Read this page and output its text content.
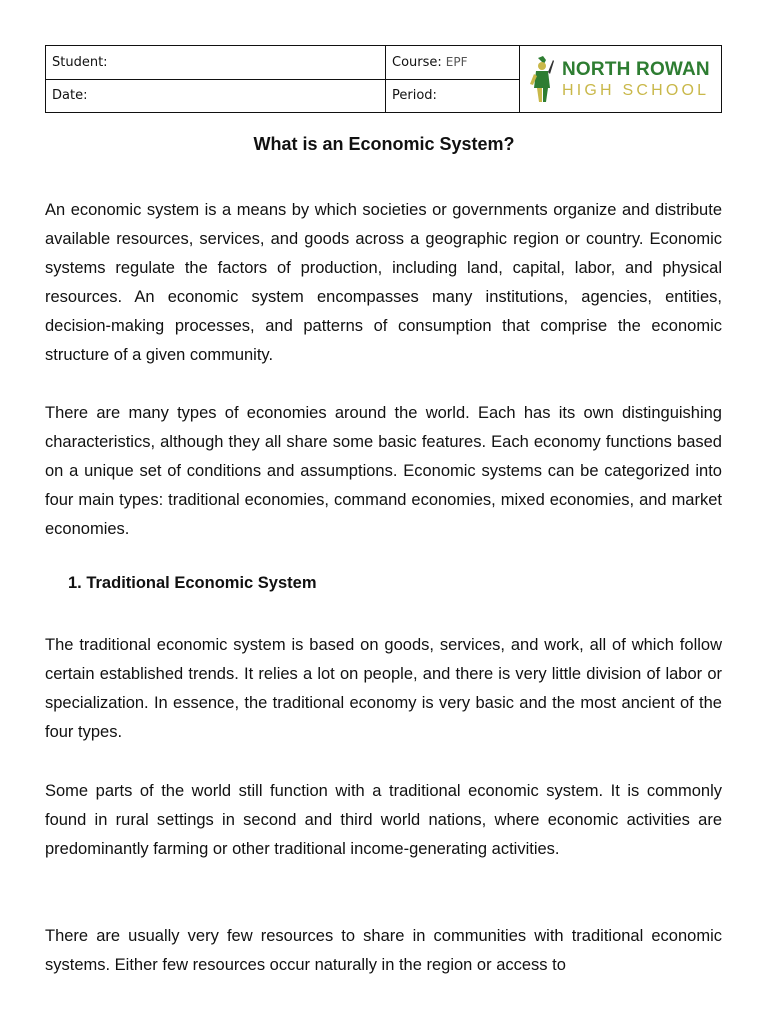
Student:
Date:
Course: EPF
Period:
NORTH ROWAN
HIGH SCHOOL
What is an Economic System?

An economic system is a means by which societies or governments organize and distribute available resources, services, and goods across a geographic region or country. Economic systems regulate the factors of production, including land, capital, labor, and physical resources. An economic system encompasses many institutions, agencies, entities, decision-making processes, and patterns of consumption that comprise the economic structure of a given community.

There are many types of economies around the world. Each has its own distinguishing characteristics, although they all share some basic features. Each economy functions based on a unique set of conditions and assumptions. Economic systems can be categorized into four main types: traditional economies, command economies, mixed economies, and market economies.

1. Traditional Economic System

The traditional economic system is based on goods, services, and work, all of which follow certain established trends. It relies a lot on people, and there is very little division of labor or specialization. In essence, the traditional economy is very basic and the most ancient of the four types.

Some parts of the world still function with a traditional economic system. It is commonly found in rural settings in second and third world nations, where economic activities are predominantly farming or other traditional income-generating activities.

There are usually very few resources to share in communities with traditional economic systems. Either few resources occur naturally in the region or access to
